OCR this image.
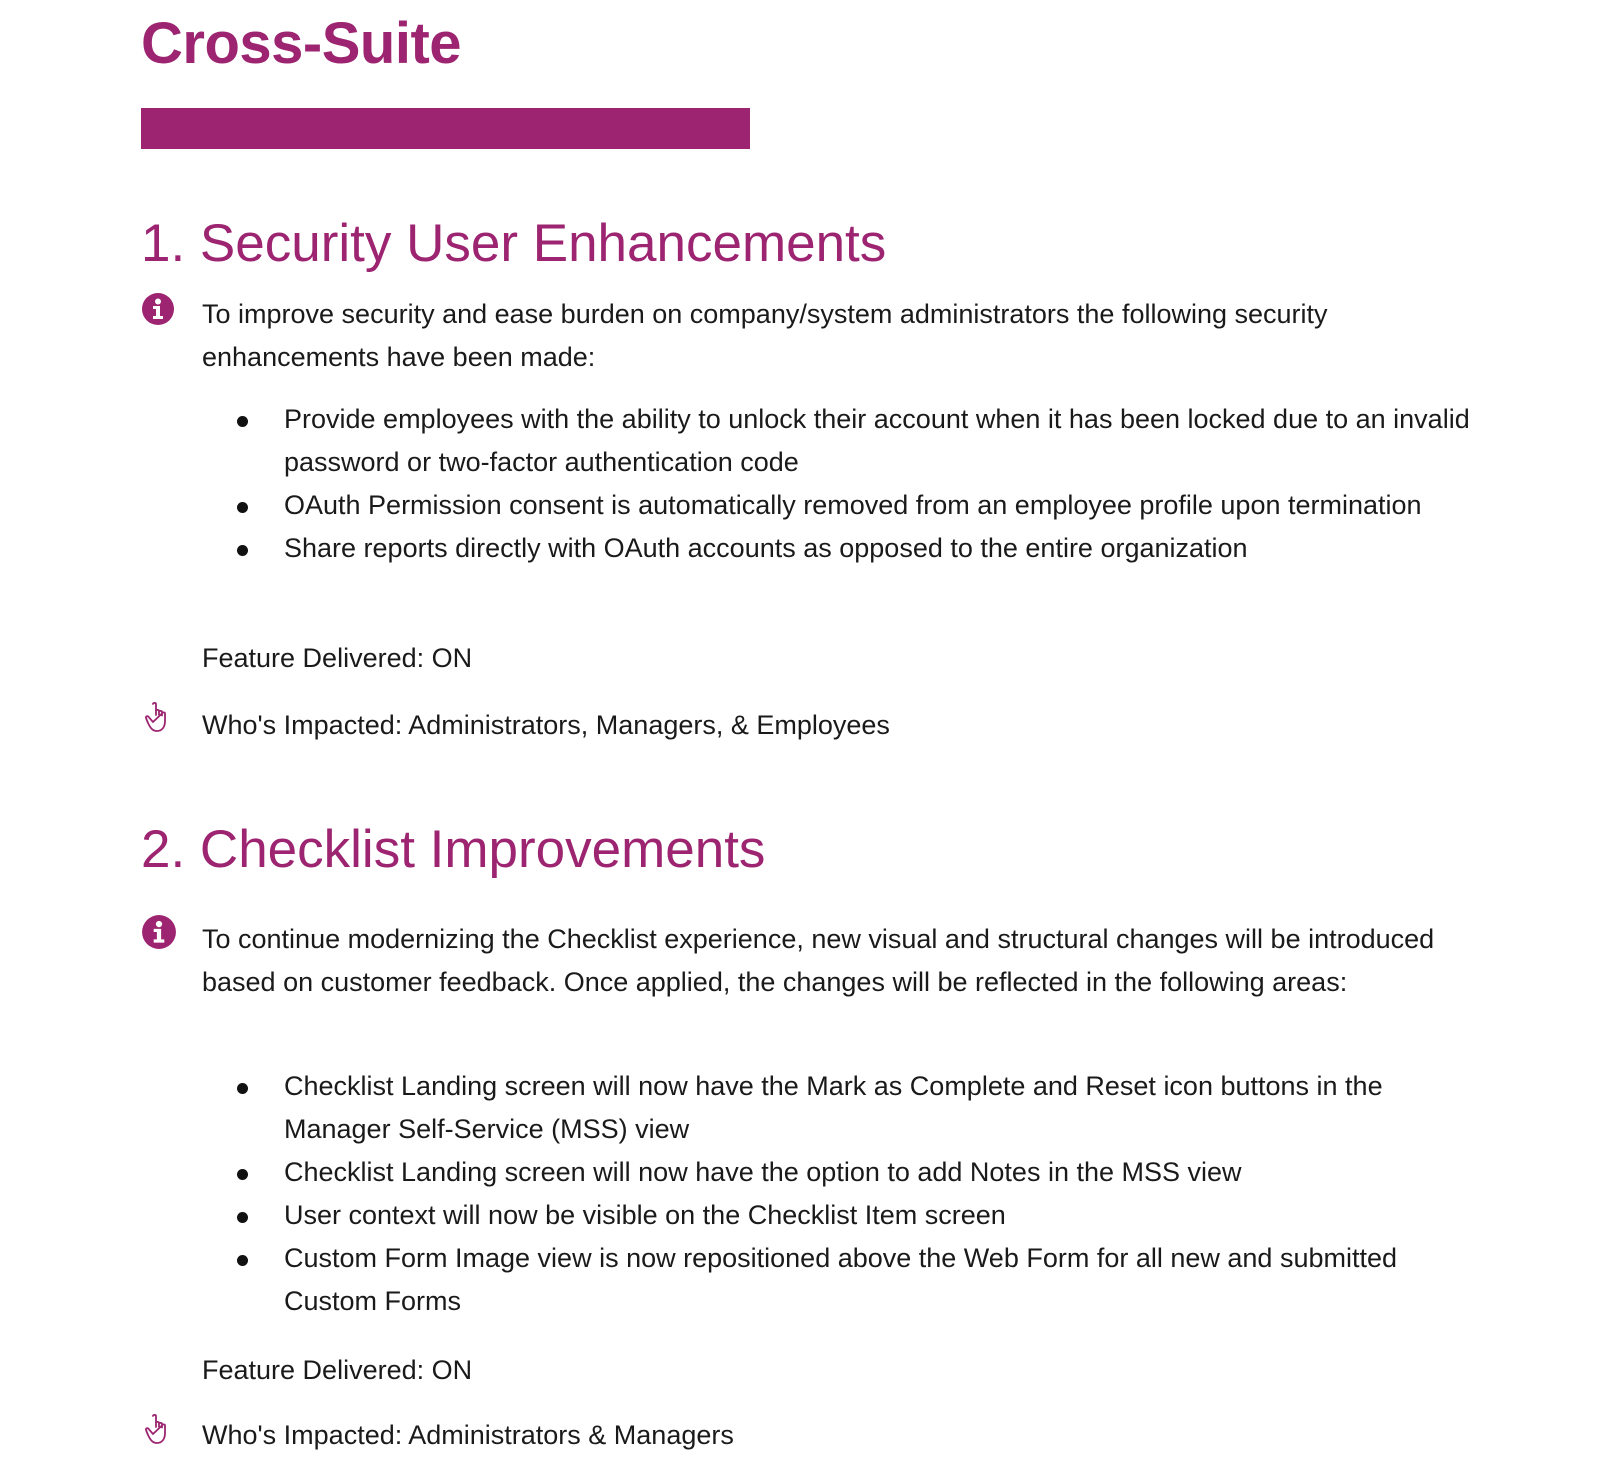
Cross-Suite
1. Security User Enhancements

To improve security and ease burden on company/system administrators the following security enhancements have been made:

Provide employees with the ability to unlock their account when it has been locked due to an invalid password or two-factor authentication code
OAuth Permission consent is automatically removed from an employee profile upon termination
Share reports directly with OAuth accounts as opposed to the entire organization

Feature Delivered: ON

Who's Impacted: Administrators, Managers, & Employees

2. Checklist Improvements

To continue modernizing the Checklist experience, new visual and structural changes will be introduced based on customer feedback. Once applied, the changes will be reflected in the following areas:

Checklist Landing screen will now have the Mark as Complete and Reset icon buttons in the Manager Self-Service (MSS) view
Checklist Landing screen will now have the option to add Notes in the MSS view
User context will now be visible on the Checklist Item screen
Custom Form Image view is now repositioned above the Web Form for all new and submitted Custom Forms

Feature Delivered: ON

Who's Impacted: Administrators & Managers
